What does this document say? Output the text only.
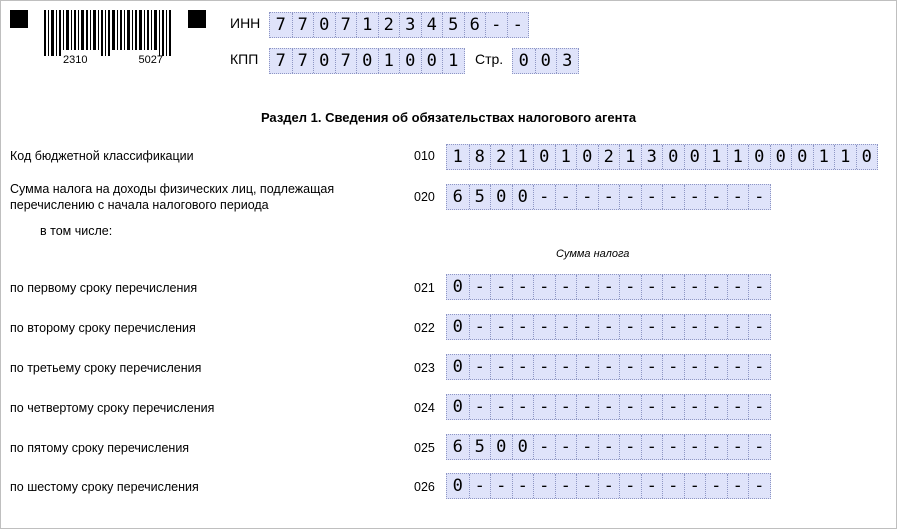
2310	5027
ИНН 7 7 0 7 1 2 3 4 5 6 - -
КПП	7 7 0 7 0 1 0 0 1	Стр. 0 0 3
Раздел 1. Сведения об обязательствах налогового агента
Код бюджетной классификации	010	1 8 2 1 0 1 0 2 1 3 0 0 1 1 0 0 0 1 1 0
Сумма налога на доходы физических лиц, подлежащая
перечислению с начала налогового периода
020	6 5 0 0 - - - - - - - - - - -
в том числе:
Сумма налога
по первому сроку перечисления	021	0 - - - - - - - - - - - - - -
по второму сроку перечисления	022	0 - - - - - - - - - - - - - -
по третьему сроку перечисления	023	0 - - - - - - - - - - - - - -
по четвертому сроку перечисления	024	0 - - - - - - - - - - - - - -
по пятому сроку перечисления	025	6 5 0 0 - - - - - - - - - - -
по шестому сроку перечисления	026	0 - - - - - - - - - - - - - -
